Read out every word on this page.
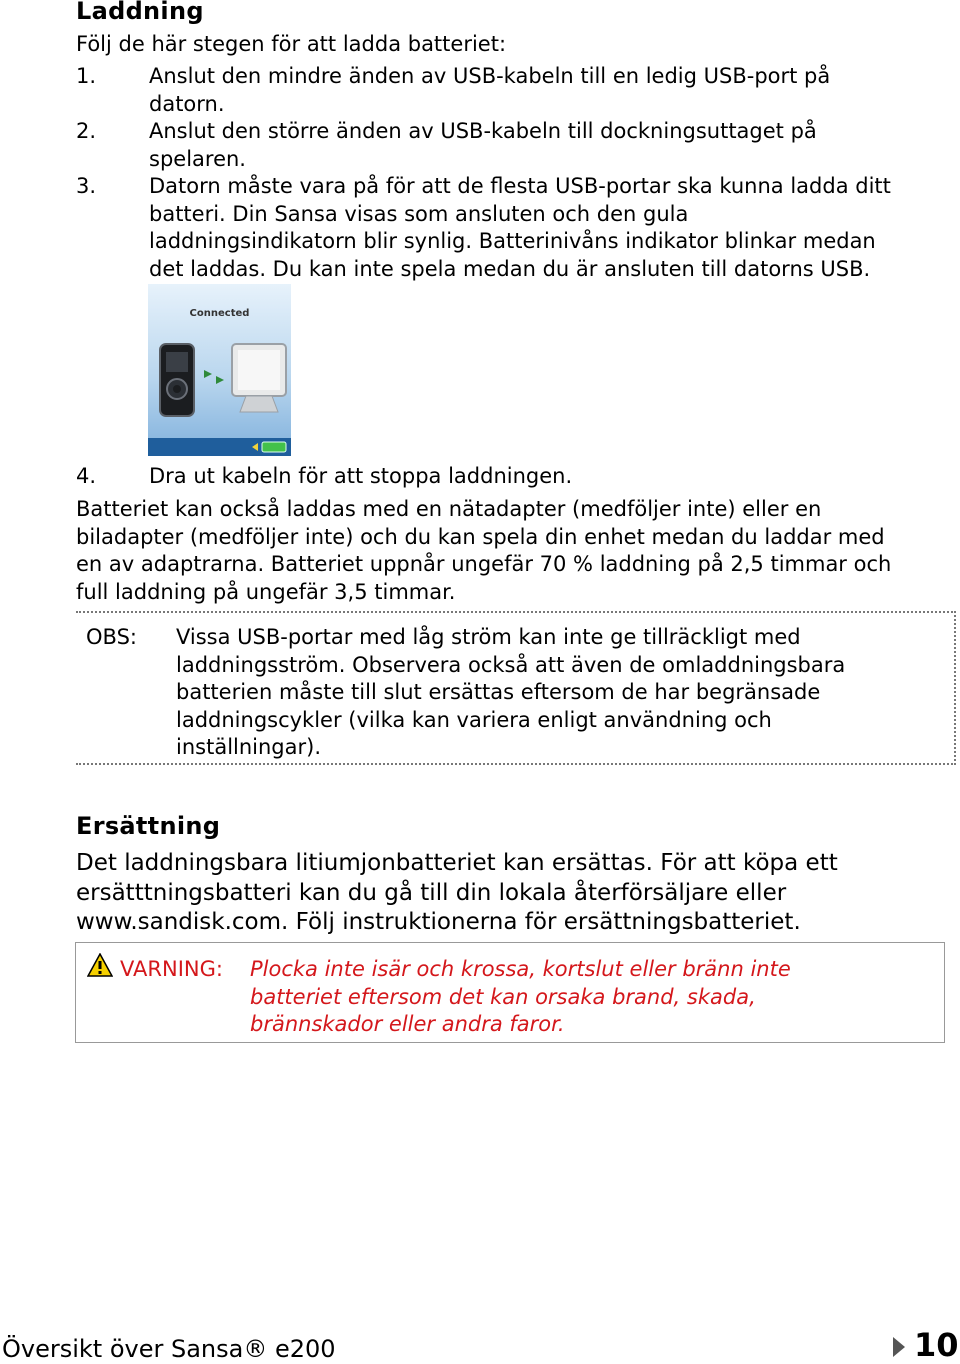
Laddning
Följ de här stegen för att ladda batteriet:
1.	Anslut den mindre änden av USB-kabeln till en ledig USB-port på
datorn.
2.	Anslut den större änden av USB-kabeln till dockningsuttaget på
spelaren.
3.	Datorn måste vara på för att de flesta USB-portar ska kunna ladda ditt
batteri. Din Sansa visas som ansluten och den gula
laddningsindikatorn blir synlig. Batterinivåns indikator blinkar medan
det laddas. Du kan inte spela medan du är ansluten till datorns USB.
Connected
4.	Dra ut kabeln för att stoppa laddningen.
Batteriet kan också laddas med en nätadapter (medföljer inte) eller en
biladapter (medföljer inte) och du kan spela din enhet medan du laddar med
en av adaptrarna. Batteriet uppnår ungefär 70 % laddning på 2,5 timmar och
full laddning på ungefär 3,5 timmar.
OBS: Vissa USB-portar med låg ström kan inte ge tillräckligt med
laddningsström. Observera också att även de omladdningsbara
batterien måste till slut ersättas eftersom de har begränsade
laddningscykler (vilka kan variera enligt användning och
inställningar).
Ersättning
Det laddningsbara litiumjonbatteriet kan ersättas. För att köpa ett
ersätttningsbatteri kan du gå till din lokala återförsäljare eller
www.sandisk.com. Följ instruktionerna för ersättningsbatteriet.
VARNING: Plocka inte isär och krossa, kortslut eller bränn inte
batteriet eftersom det kan orsaka brand, skada,
brännskador eller andra faror.
Översikt över Sansa® e200	10
